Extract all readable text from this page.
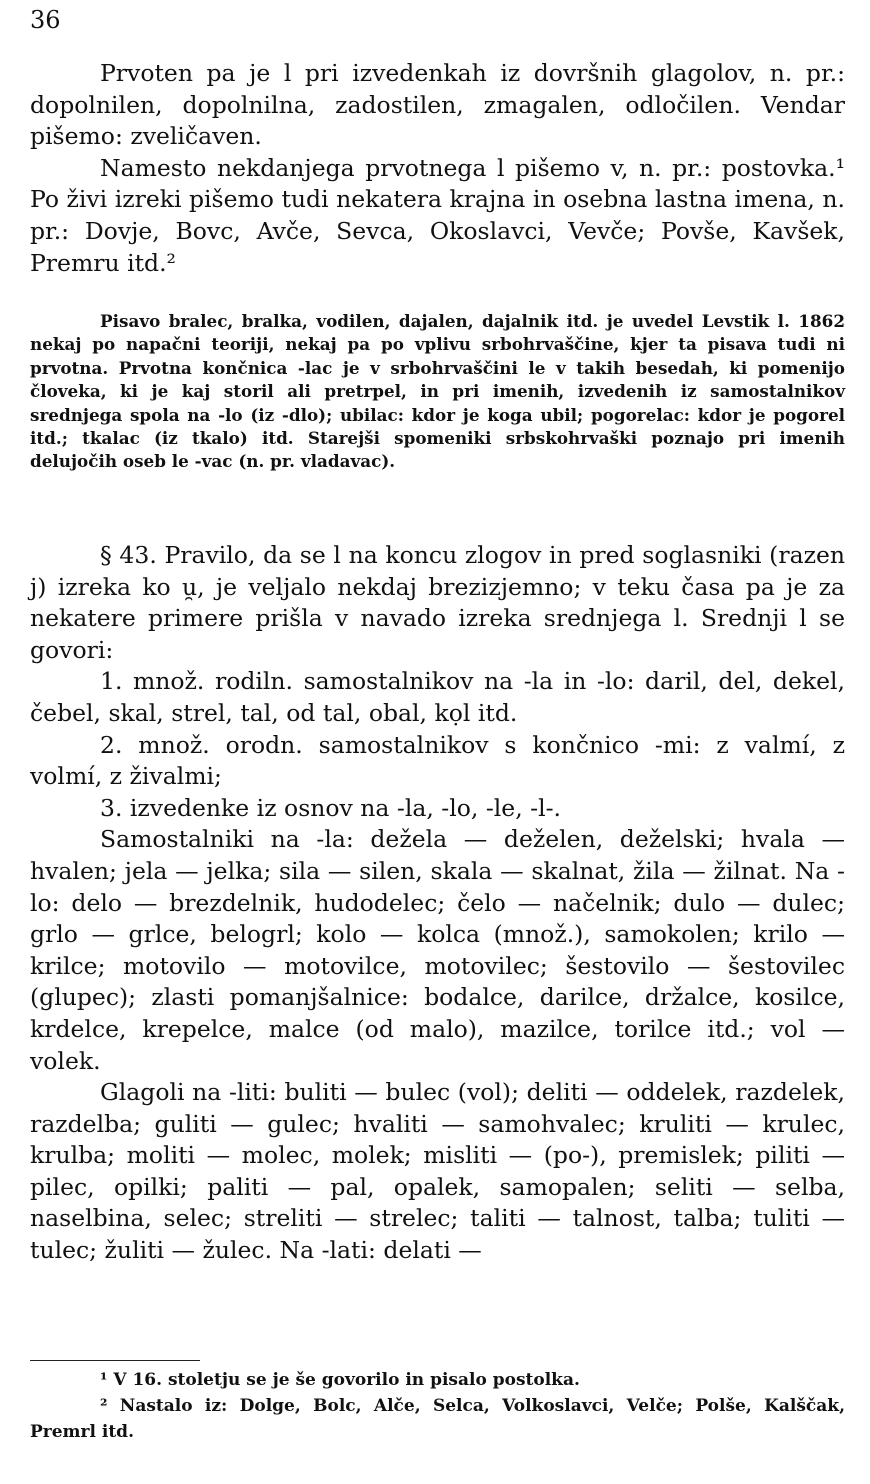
36

Prvoten pa je l pri izvedenkah iz dovršnih glagolov, n. pr.: dopolnilen, dopolnilna, zadostilen, zmagalen, odločilen. Vendar pišemo: zveličaven.

Namesto nekdanjega prvotnega l pišemo v, n. pr.: postovka.¹ Po živi izreki pišemo tudi nekatera krajna in osebna lastna imena, n. pr.: Dovje, Bovc, Avče, Sevca, Okoslavci, Vevče; Povše, Kavšek, Premru itd.²

Pisavo bralec, bralka, vodilen, dajalen, dajalnik itd. je uvedel Levstik l. 1862 nekaj po napačni teoriji, nekaj pa po vplivu srbohrvaščine, kjer ta pisava tudi ni prvotna. Prvotna končnica -lac je v srbohrvaščini le v takih besedah, ki pomenijo človeka, ki je kaj storil ali pretrpel, in pri imenih, izvedenih iz samostalnikov srednjega spola na -lo (iz -dlo); ubilac: kdor je koga ubil; pogorelac: kdor je pogorel itd.; tkalac (iz tkalo) itd. Starejši spomeniki srbskohrvaški poznajo pri imenih delujočih oseb le -vac (n. pr. vladavac).

§ 43. Pravilo, da se l na koncu zlogov in pred soglasniki (razen j) izreka ko u̯, je veljalo nekdaj brezizjemno; v teku časa pa je za nekatere primere prišla v navado izreka srednjega l. Srednji l se govori:

1. množ. rodiln. samostalnikov na -la in -lo: daril, del, dekel, čebel, skal, strel, tal, od tal, obal, kọl itd.

2. množ. orodn. samostalnikov s končnico -mi: z valmí, z volmí, z živalmi;

3. izvedenke iz osnov na -la, -lo, -le, -l-.

Samostalniki na -la: dežela — deželen, deželski; hvala — hvalen; jela — jelka; sila — silen, skala — skalnat, žila — žilnat. Na -lo: delo — brezdelnik, hudodelec; čelo — načelnik; dulo — dulec; grlo — grlce, belogrl; kolo — kolca (množ.), samokolen; krilo — krilce; motovilo — motovilce, motovilec; šestovilo — šestovilec (glupec); zlasti pomanjšalnice: bodalce, darilce, držalce, kosilce, krdelce, krepelce, malce (od malo), mazilce, torilce itd.; vol — volek.

Glagoli na -liti: buliti — bulec (vol); deliti — oddelek, razdelek, razdelba; guliti — gulec; hvaliti — samohvalec; kruliti — krulec, krulba; moliti — molec, molek; misliti — (po-), premislek; piliti — pilec, opilki; paliti — pal, opalek, samopalen; seliti — selba, naselbina, selec; streliti — strelec; taliti — talnost, talba; tuliti — tulec; žuliti — žulec. Na -lati: delati —

¹ V 16. stoletju se je še govorilo in pisalo postolka.

² Nastalo iz: Dolge, Bolc, Alče, Selca, Volkoslavci, Velče; Polše, Kalščak, Premrl itd.
